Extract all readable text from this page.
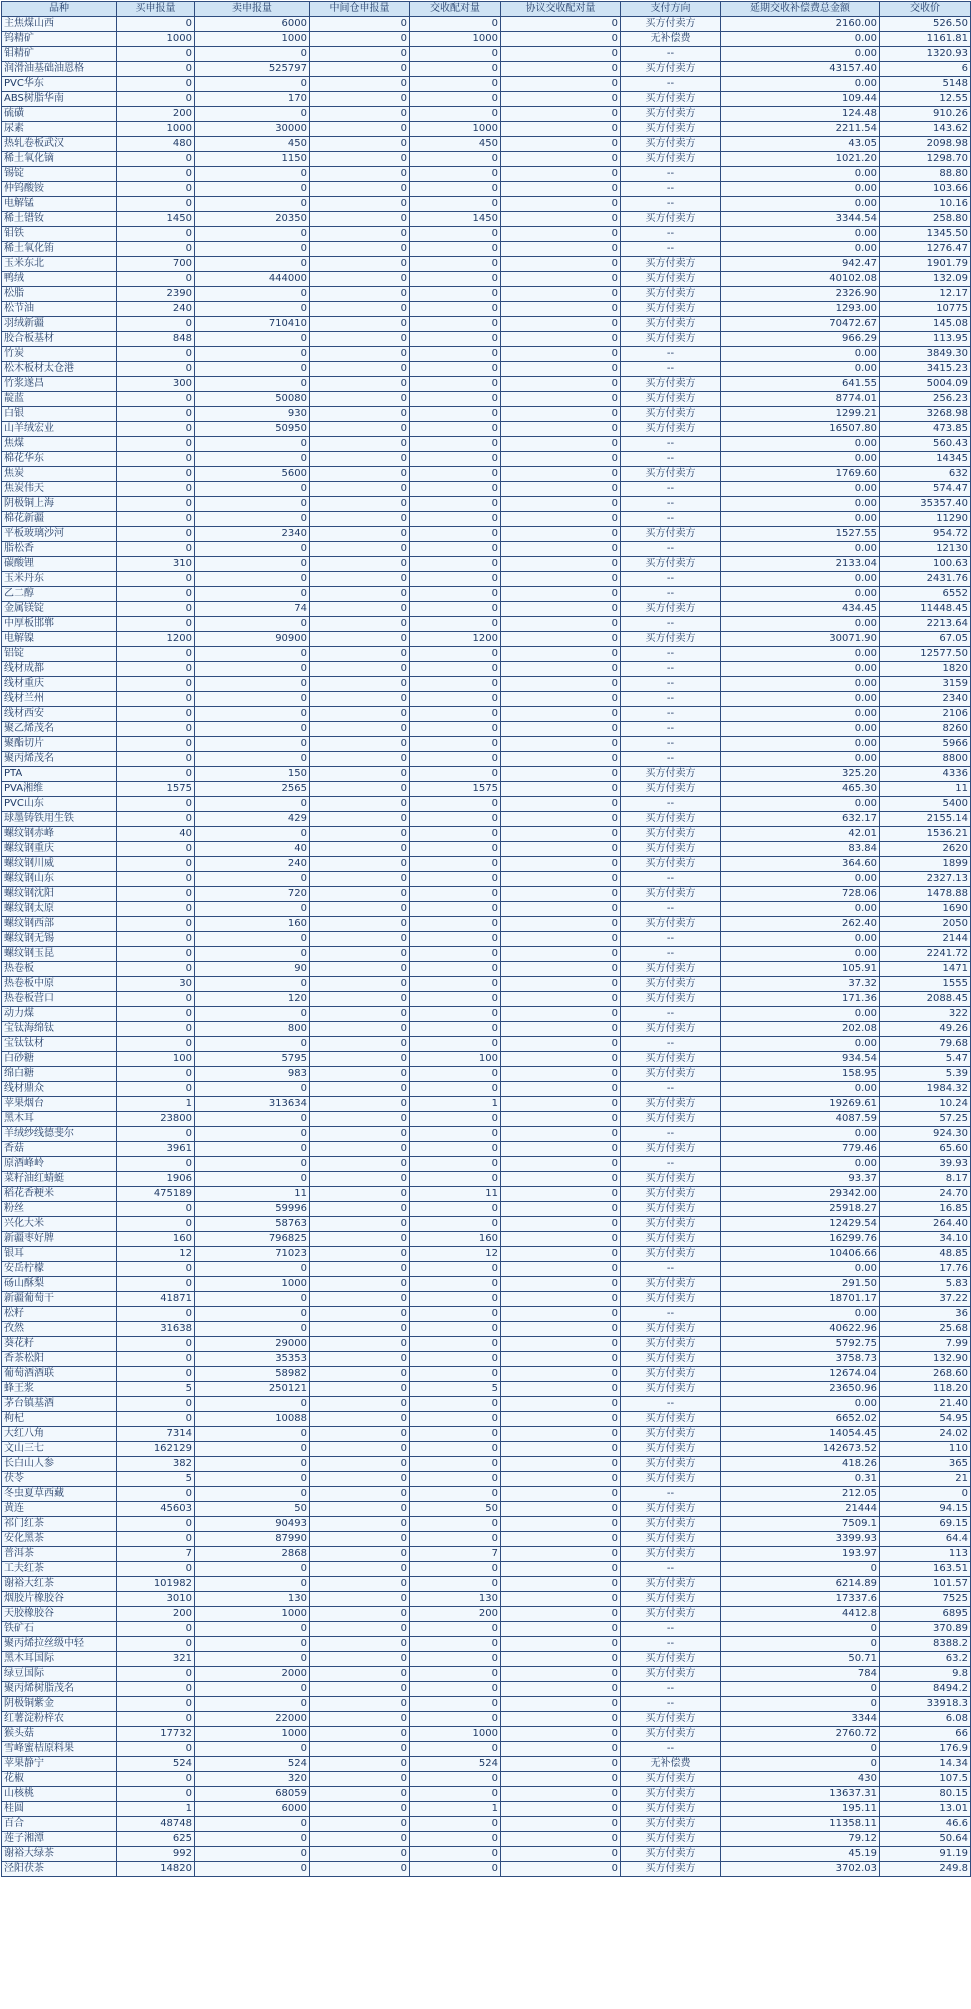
品种	买申报量	卖申报量	中间仓申报量	交收配对量	协议交收配对量	支付方向	延期交收补偿费总金额	交收价
主焦煤山西	0	6000	0	0	0	买方付卖方	2160.00	526.50
钨精矿	1000	1000	0	1000	0	无补偿费	0.00	1161.81
钼精矿	0	0	0	0	0	--	0.00	1320.93
润滑油基础油恩格	0	525797	0	0	0	买方付卖方	43157.40	6
PVC华东	0	0	0	0	0	--	0.00	5148
ABS树脂华南	0	170	0	0	0	买方付卖方	109.44	12.55
硫磺	200	0	0	0	0	买方付卖方	124.48	910.26
尿素	1000	30000	0	1000	0	买方付卖方	2211.54	143.62
热轧卷板武汉	480	450	0	450	0	买方付卖方	43.05	2098.98
稀土氧化镝	0	1150	0	0	0	买方付卖方	1021.20	1298.70
锡锭	0	0	0	0	0	--	0.00	88.80
仲钨酸铵	0	0	0	0	0	--	0.00	103.66
电解锰	0	0	0	0	0	--	0.00	10.16
稀土镨钕	1450	20350	0	1450	0	买方付卖方	3344.54	258.80
钼铁	0	0	0	0	0	--	0.00	1345.50
稀土氧化铕	0	0	0	0	0	--	0.00	1276.47
玉米东北	700	0	0	0	0	买方付卖方	942.47	1901.79
鸭绒	0	444000	0	0	0	买方付卖方	40102.08	132.09
松脂	2390	0	0	0	0	买方付卖方	2326.90	12.17
松节油	240	0	0	0	0	买方付卖方	1293.00	10775
羽绒新疆	0	710410	0	0	0	买方付卖方	70472.67	145.08
胶合板基材	848	0	0	0	0	买方付卖方	966.29	113.95
竹炭	0	0	0	0	0	--	0.00	3849.30
松木板材太仓港	0	0	0	0	0	--	0.00	3415.23
竹浆遂昌	300	0	0	0	0	买方付卖方	641.55	5004.09
靛蓝	0	50080	0	0	0	买方付卖方	8774.01	256.23
白银	0	930	0	0	0	买方付卖方	1299.21	3268.98
山羊绒宏业	0	50950	0	0	0	买方付卖方	16507.80	473.85
焦煤	0	0	0	0	0	--	0.00	560.43
棉花华东	0	0	0	0	0	--	0.00	14345
焦炭	0	5600	0	0	0	买方付卖方	1769.60	632
焦炭伟天	0	0	0	0	0	--	0.00	574.47
阴极铜上海	0	0	0	0	0	--	0.00	35357.40
棉花新疆	0	0	0	0	0	--	0.00	11290
平板玻璃沙河	0	2340	0	0	0	买方付卖方	1527.55	954.72
脂松香	0	0	0	0	0	--	0.00	12130
碳酸锂	310	0	0	0	0	买方付卖方	2133.04	100.63
玉米丹东	0	0	0	0	0	--	0.00	2431.76
乙二醇	0	0	0	0	0	--	0.00	6552
金属镁锭	0	74	0	0	0	买方付卖方	434.45	11448.45
中厚板邯郸	0	0	0	0	0	--	0.00	2213.64
电解镍	1200	90900	0	1200	0	买方付卖方	30071.90	67.05
铝锭	0	0	0	0	0	--	0.00	12577.50
线材成都	0	0	0	0	0	--	0.00	1820
线材重庆	0	0	0	0	0	--	0.00	3159
线材兰州	0	0	0	0	0	--	0.00	2340
线材西安	0	0	0	0	0	--	0.00	2106
聚乙烯茂名	0	0	0	0	0	--	0.00	8260
聚酯切片	0	0	0	0	0	--	0.00	5966
聚丙烯茂名	0	0	0	0	0	--	0.00	8800
PTA	0	150	0	0	0	买方付卖方	325.20	4336
PVA湘维	1575	2565	0	1575	0	买方付卖方	465.30	11
PVC山东	0	0	0	0	0	--	0.00	5400
球墨铸铁用生铁	0	429	0	0	0	买方付卖方	632.17	2155.14
螺纹钢赤峰	40	0	0	0	0	买方付卖方	42.01	1536.21
螺纹钢重庆	0	40	0	0	0	买方付卖方	83.84	2620
螺纹钢川威	0	240	0	0	0	买方付卖方	364.60	1899
螺纹钢山东	0	0	0	0	0	--	0.00	2327.13
螺纹钢沈阳	0	720	0	0	0	买方付卖方	728.06	1478.88
螺纹钢太原	0	0	0	0	0	--	0.00	1690
螺纹钢西部	0	160	0	0	0	买方付卖方	262.40	2050
螺纹钢无锡	0	0	0	0	0	--	0.00	2144
螺纹钢玉昆	0	0	0	0	0	--	0.00	2241.72
热卷板	0	90	0	0	0	买方付卖方	105.91	1471
热卷板中原	30	0	0	0	0	买方付卖方	37.32	1555
热卷板营口	0	120	0	0	0	买方付卖方	171.36	2088.45
动力煤	0	0	0	0	0	--	0.00	322
宝钛海绵钛	0	800	0	0	0	买方付卖方	202.08	49.26
宝钛钛材	0	0	0	0	0	--	0.00	79.68
白砂糖	100	5795	0	100	0	买方付卖方	934.54	5.47
绵白糖	0	983	0	0	0	买方付卖方	158.95	5.39
线材鼎众	0	0	0	0	0	--	0.00	1984.32
苹果烟台	1	313634	0	1	0	买方付卖方	19269.61	10.24
黑木耳	23800	0	0	0	0	买方付卖方	4087.59	57.25
羊绒纱线德斐尔	0	0	0	0	0	--	0.00	924.30
香菇	3961	0	0	0	0	买方付卖方	779.46	65.60
原酒峰岭	0	0	0	0	0	--	0.00	39.93
菜籽油红蜻蜓	1906	0	0	0	0	买方付卖方	93.37	8.17
稻花香粳米	475189	11	0	11	0	买方付卖方	29342.00	24.70
粉丝	0	59996	0	0	0	买方付卖方	25918.27	16.85
兴化大米	0	58763	0	0	0	买方付卖方	12429.54	264.40
新疆枣好牌	160	796825	0	160	0	买方付卖方	16299.76	34.10
银耳	12	71023	0	12	0	买方付卖方	10406.66	48.85
安岳柠檬	0	0	0	0	0	--	0.00	17.76
砀山酥梨	0	1000	0	0	0	买方付卖方	291.50	5.83
新疆葡萄干	41871	0	0	0	0	买方付卖方	18701.17	37.22
松籽	0	0	0	0	0	--	0.00	36
孜然	31638	0	0	0	0	买方付卖方	40622.96	25.68
葵花籽	0	29000	0	0	0	买方付卖方	5792.75	7.99
香茶松阳	0	35353	0	0	0	买方付卖方	3758.73	132.90
葡萄酒酒联	0	58982	0	0	0	买方付卖方	12674.04	268.60
蜂王浆	5	250121	0	5	0	买方付卖方	23650.96	118.20
茅台镇基酒	0	0	0	0	0	--	0.00	21.40
枸杞	0	10088	0	0	0	买方付卖方	6652.02	54.95
大红八角	7314	0	0	0	0	买方付卖方	14054.45	24.02
文山三七	162129	0	0	0	0	买方付卖方	142673.52	110
长白山人参	382	0	0	0	0	买方付卖方	418.26	365
茯苓	5	0	0	0	0	买方付卖方	0.31	21
冬虫夏草西藏	0	0	0	0	0	--	212.05	0
黄连	45603	50	0	50	0	买方付卖方	21444	94.15
祁门红茶	0	90493	0	0	0	买方付卖方	7509.1	69.15
安化黑茶	0	87990	0	0	0	买方付卖方	3399.93	64.4
普洱茶	7	2868	0	7	0	买方付卖方	193.97	113
工夫红茶	0	0	0	0	0	--	0	163.51
谢裕大红茶	101982	0	0	0	0	买方付卖方	6214.89	101.57
烟胶片橡胶谷	3010	130	0	130	0	买方付卖方	17337.6	7525
天胶橡胶谷	200	1000	0	200	0	买方付卖方	4412.8	6895
铁矿石	0	0	0	0	0	--	0	370.89
聚丙烯拉丝级中轻	0	0	0	0	0	--	0	8388.2
黑木耳国际	321	0	0	0	0	买方付卖方	50.71	63.2
绿豆国际	0	2000	0	0	0	买方付卖方	784	9.8
聚丙烯树脂茂名	0	0	0	0	0	--	0	8494.2
阴极铜紫金	0	0	0	0	0	--	0	33918.3
红薯淀粉梓农	0	22000	0	0	0	买方付卖方	3344	6.08
猴头菇	17732	1000	0	1000	0	买方付卖方	2760.72	66
雪峰蜜桔原料果	0	0	0	0	0	--	0	176.9
苹果静宁	524	524	0	524	0	无补偿费	0	14.34
花椒	0	320	0	0	0	买方付卖方	430	107.5
山核桃	0	68059	0	0	0	买方付卖方	13637.31	80.15
桂圆	1	6000	0	1	0	买方付卖方	195.11	13.01
百合	48748	0	0	0	0	买方付卖方	11358.11	46.6
莲子湘潭	625	0	0	0	0	买方付卖方	79.12	50.64
谢裕大绿茶	992	0	0	0	0	买方付卖方	45.19	91.19
泾阳茯茶	14820	0	0	0	0	买方付卖方	3702.03	249.8
